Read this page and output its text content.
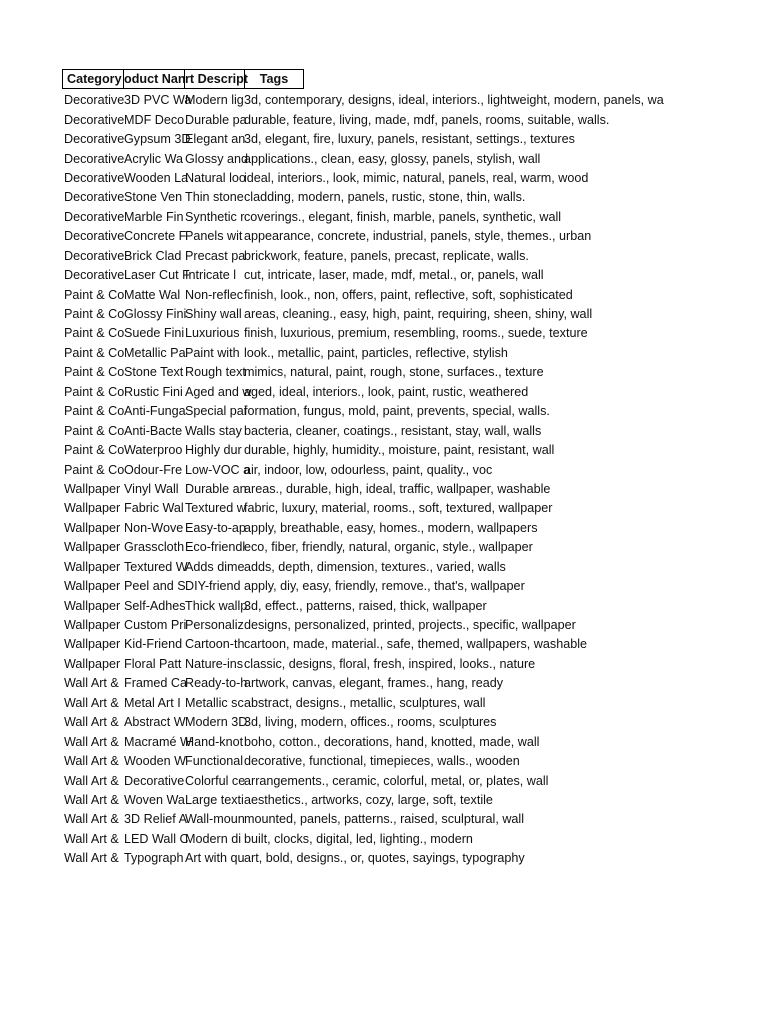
Category oduct Nan rt Descript Tags
Decorative 3D PVC Wa
Modern lig 3d, contemporary, designs, ideal, interiors., lightweight, modern, panels, wa
Decorative MDF Deco Durable pa
durable, feature, living, made, mdf, panels, rooms, suitable, walls.
Decorative Gypsum 3D
Elegant an
3d, elegant, fire, luxury, panels, resistant, settings., textures
Decorative Acrylic Wa Glossy and
applications., clean, easy, glossy, panels, stylish, wall
Decorative Wooden La
Natural loo
ideal, interiors., look, mimic, natural, panels, real, warm, wood
Decorative Stone Ven Thin stone cladding, modern, panels, rustic, stone, thin, walls.
Decorative Marble Fin Synthetic r coverings., elegant, finish, marble, panels, synthetic, wall
Decorative Concrete F
Panels wit appearance, concrete, industrial, panels, style, themes., urban
Decorative Brick Clad Precast pa
brickwork, feature, panels, precast, replicate, walls.
Decorative Laser Cut F
Intricate l cut, intricate, laser, made, mdf, metal., or, panels, wall
Paint & Co Matte Wal Non-reflec finish, look., non, offers, paint, reflective, soft, sophisticated
Paint & Co Glossy Fini
Shiny wall areas, cleaning., easy, high, paint, requiring, sheen, shiny, wall
Paint & Co Suede Fini Luxurious finish, luxurious, premium, resembling, rooms., suede, texture
Paint & Co Metallic Pa Paint with look., metallic, paint, particles, reflective, stylish
Paint & Co Stone Text Rough text
mimics, natural, paint, rough, stone, surfaces., texture
Paint & Co Rustic Fini Aged and w
aged, ideal, interiors., look, paint, rustic, weathered
Paint & Co Anti-Funga Special pai
formation, fungus, mold, paint, prevents, special, walls.
Paint & Co Anti-Bacte Walls stay bacteria, cleaner, coatings., resistant, stay, wall, walls
Paint & Co Waterproo Highly dur durable, highly, humidity., moisture, paint, resistant, wall
Paint & Co Odour-Fre Low-VOC a
air, indoor, low, odourless, paint, quality., voc
Wallpaper Vinyl Wall Durable an
areas., durable, high, ideal, traffic, wallpaper, washable
Wallpaper Fabric Wal Textured w
fabric, luxury, material, rooms., soft, textured, wallpaper
Wallpaper Non-Wove Easy-to-ap
apply, breathable, easy, homes., modern, wallpapers
Wallpaper Grasscloth Eco-friendl
eco, fiber, friendly, natural, organic, style., wallpaper
Wallpaper Textured W
Adds dime adds, depth, dimension, textures., varied, walls
Wallpaper Peel and S DIY-friend apply, diy, easy, friendly, remove., that's, wallpaper
Wallpaper Self-Adhes Thick wallp
3d, effect., patterns, raised, thick, wallpaper
Wallpaper Custom Pri
Personaliz designs, personalized, printed, projects., specific, wallpaper
Wallpaper Kid-Friend Cartoon-th cartoon, made, material., safe, themed, wallpapers, washable
Wallpaper Floral Patt Nature-ins classic, designs, floral, fresh, inspired, looks., nature
Wall Art & Framed Ca
Ready-to-h
artwork, canvas, elegant, frames., hang, ready
Wall Art & Metal Art I Metallic sc abstract, designs., metallic, sculptures, wall
Wall Art & Abstract W Modern 3D
3d, living, modern, offices., rooms, sculptures
Wall Art & Macramé W
Hand-knot boho, cotton., decorations, hand, knotted, made, wall
Wall Art & Wooden W
Functional decorative, functional, timepieces, walls., wooden
Wall Art & Decorative Colorful ce
arrangements., ceramic, colorful, metal, or, plates, wall
Wall Art & Woven Wa Large texti aesthetics., artworks, cozy, large, soft, textile
Wall Art & 3D Relief A
Wall-moun mounted, panels, patterns., raised, sculptural, wall
Wall Art & LED Wall C
Modern di built, clocks, digital, led, lighting., modern
Wall Art & Typograph Art with qu art, bold, designs., or, quotes, sayings, typography
